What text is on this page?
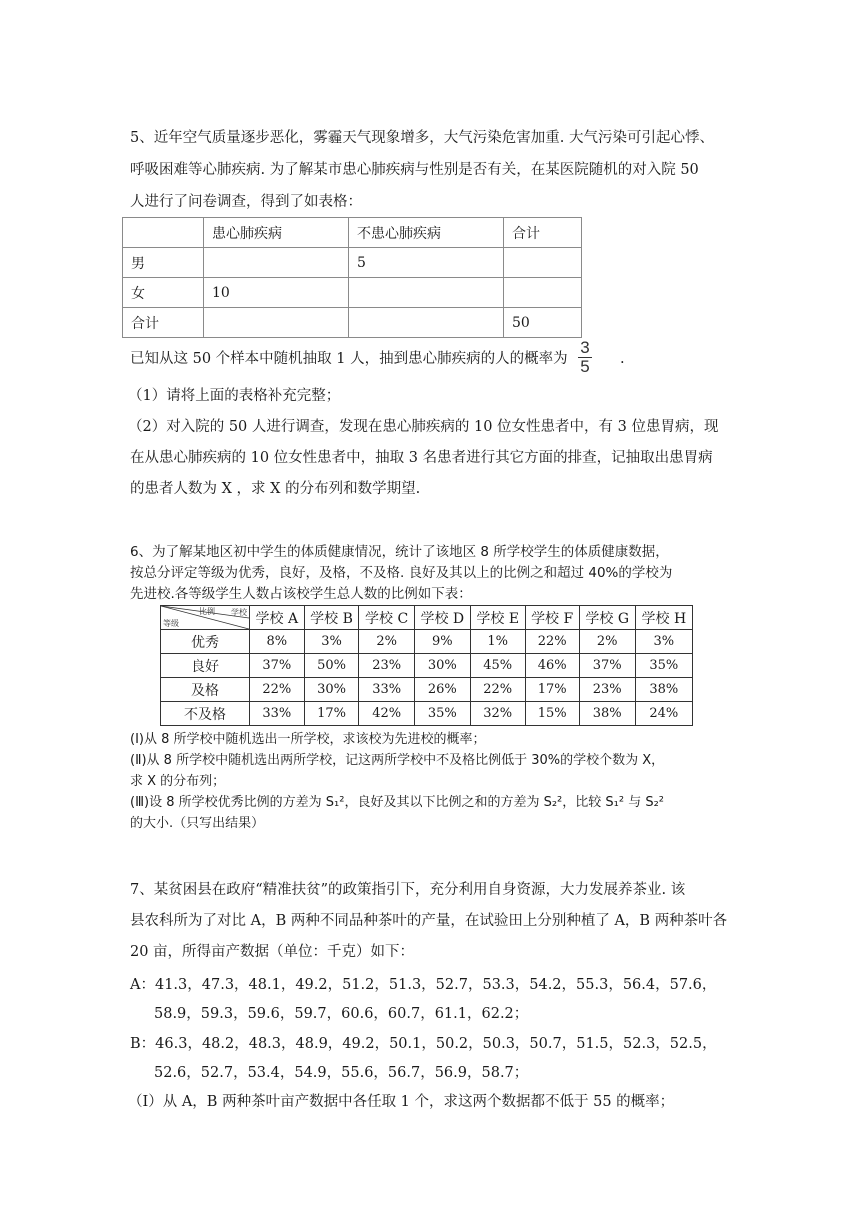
5、近年空气质量逐步恶化，雾霾天气现象增多，大气污染危害加重. 大气污染可引起心悸、
呼吸困难等心肺疾病. 为了解某市患心肺疾病与性别是否有关，在某医院随机的对入院 50
人进行了问卷调查，得到了如表格：
	患心肺疾病	不患心肺疾病	合计
男		5	
女	10		
合计			50
已知从这 50 个样本中随机抽取 1 人，抽到患心肺疾病的人的概率为
3
5 .
（1）请将上面的表格补充完整；
（2）对入院的 50 人进行调查，发现在患心肺疾病的 10 位女性患者中，有 3 位患胃病，现
在从患心肺疾病的 10 位女性患者中，抽取 3 名患者进行其它方面的排查，记抽取出患胃病
的患者人数为 X ，求 X 的分布列和数学期望.
6、为了解某地区初中学生的体质健康情况，统计了该地区 8 所学校学生的体质健康数据，
按总分评定等级为优秀，良好，及格，不及格. 良好及其以上的比例之和超过 40%的学校为
先进校.各等级学生人数占该校学生总人数的比例如下表：
比例 学校
等级	学校 A	学校 B	学校 C	学校 D	学校 E	学校 F	学校 G	学校 H
优秀	8%	3%	2%	9%	1%	22%	2%	3%
良好	37%	50%	23%	30%	45%	46%	37%	35%
及格	22%	30%	33%	26%	22%	17%	23%	38%
不及格	33%	17%	42%	35%	32%	15%	38%	24%
(Ⅰ)从 8 所学校中随机选出一所学校，求该校为先进校的概率；
(Ⅱ)从 8 所学校中随机选出两所学校，记这两所学校中不及格比例低于 30%的学校个数为 X，
求 X 的分布列；
(Ⅲ)设 8 所学校优秀比例的方差为 S₁²，良好及其以下比例之和的方差为 S₂²，比较 S₁² 与 S₂²
的大小.（只写出结果）
7、某贫困县在政府“精准扶贫”的政策指引下，充分利用自身资源，大力发展养茶业. 该
县农科所为了对比 A，B 两种不同品种茶叶的产量，在试验田上分别种植了 A，B 两种茶叶各
20 亩，所得亩产数据（单位：千克）如下：
A：41.3，47.3，48.1，49.2，51.2，51.3，52.7，53.3，54.2，55.3，56.4，57.6，
58.9，59.3，59.6，59.7，60.6，60.7，61.1，62.2；
B：46.3，48.2，48.3，48.9，49.2，50.1，50.2，50.3，50.7，51.5，52.3，52.5，
52.6，52.7，53.4，54.9，55.6，56.7，56.9，58.7；
（Ⅰ）从 A，B 两种茶叶亩产数据中各任取 1 个，求这两个数据都不低于 55 的概率；
